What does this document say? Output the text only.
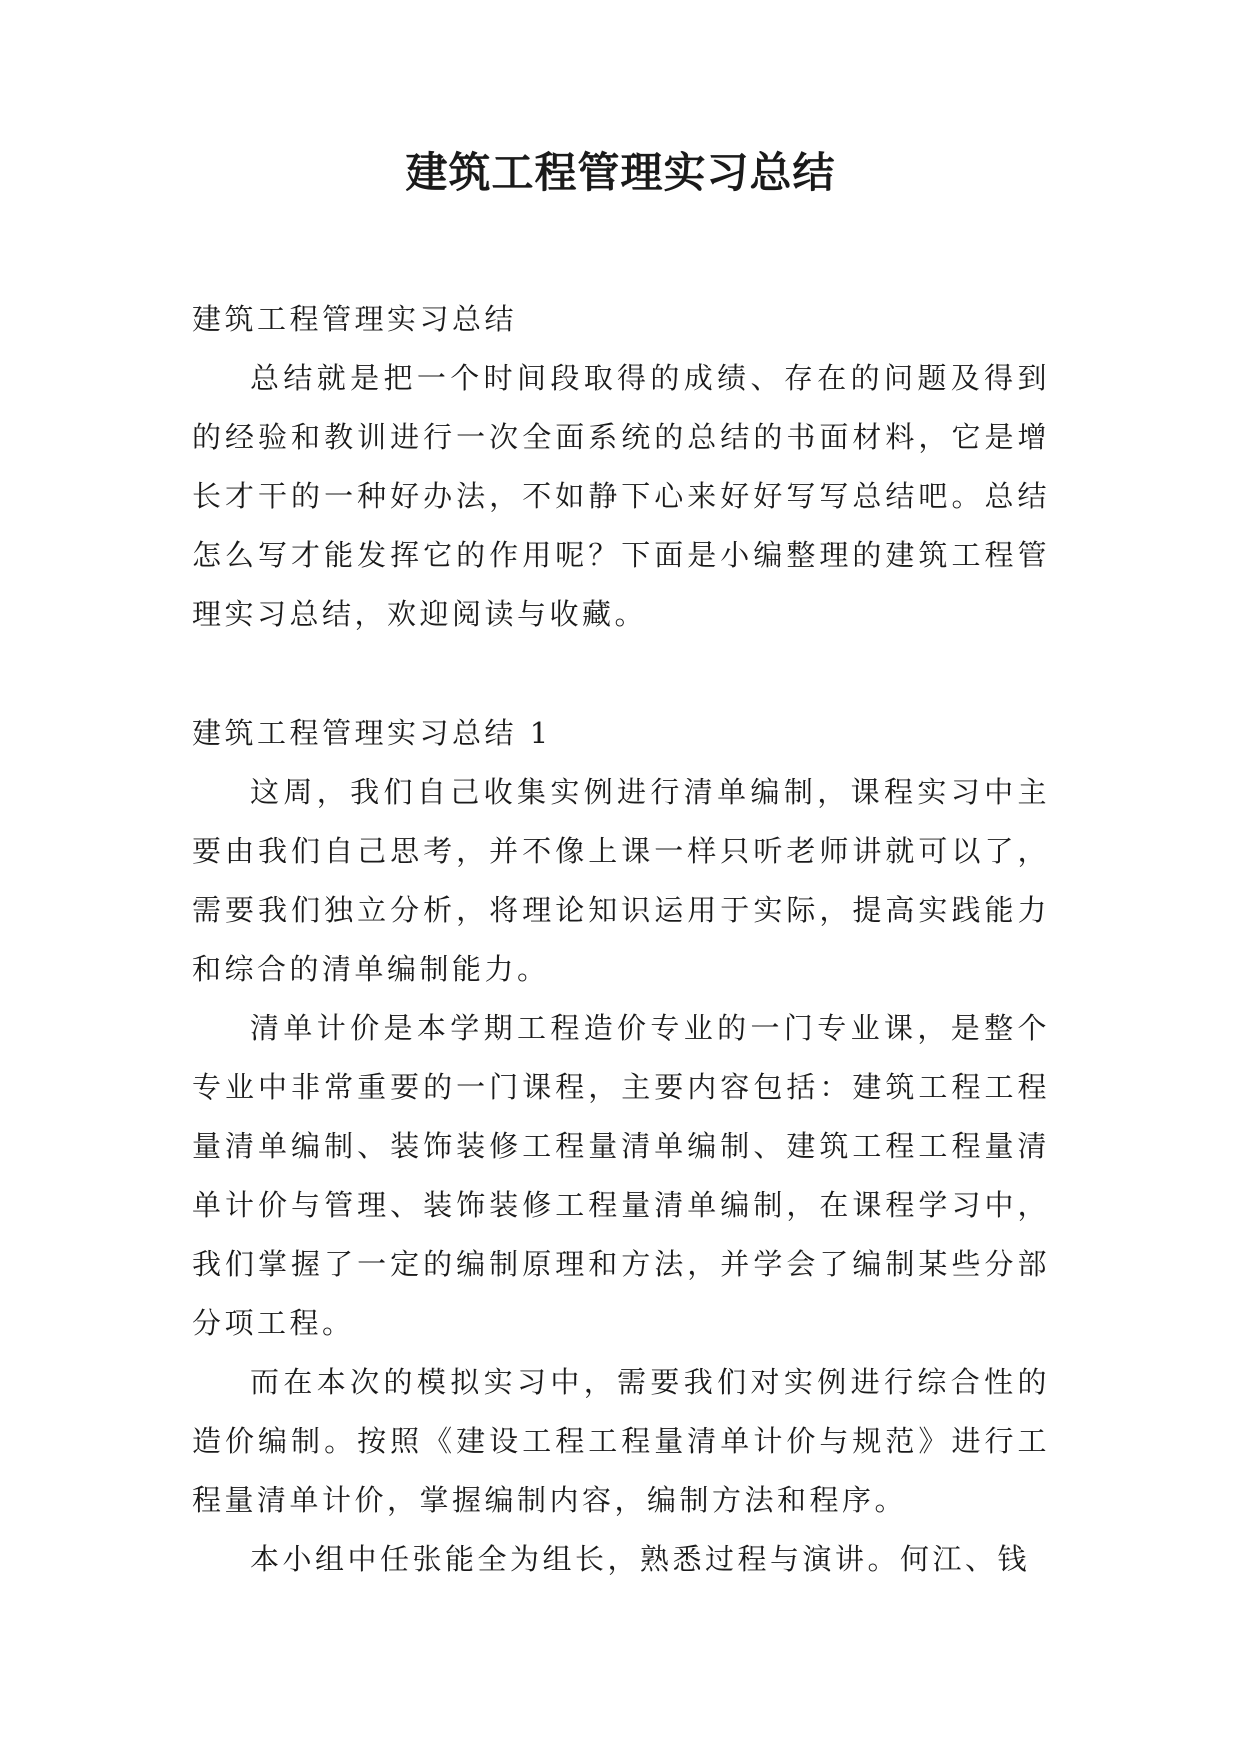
建筑工程管理实习总结

建筑工程管理实习总结

总结就是把一个时间段取得的成绩、存在的问题及得到的经验和教训进行一次全面系统的总结的书面材料，它是增长才干的一种好办法，不如静下心来好好写写总结吧。总结怎么写才能发挥它的作用呢？下面是小编整理的建筑工程管理实习总结，欢迎阅读与收藏。

建筑工程管理实习总结 1

这周，我们自己收集实例进行清单编制，课程实习中主要由我们自己思考，并不像上课一样只听老师讲就可以了，需要我们独立分析，将理论知识运用于实际，提高实践能力和综合的清单编制能力。

清单计价是本学期工程造价专业的一门专业课，是整个专业中非常重要的一门课程，主要内容包括：建筑工程工程量清单编制、装饰装修工程量清单编制、建筑工程工程量清单计价与管理、装饰装修工程量清单编制，在课程学习中，我们掌握了一定的编制原理和方法，并学会了编制某些分部分项工程。

而在本次的模拟实习中，需要我们对实例进行综合性的造价编制。按照《建设工程工程量清单计价与规范》进行工程量清单计价，掌握编制内容，编制方法和程序。

本小组中任张能全为组长，熟悉过程与演讲。何江、钱
